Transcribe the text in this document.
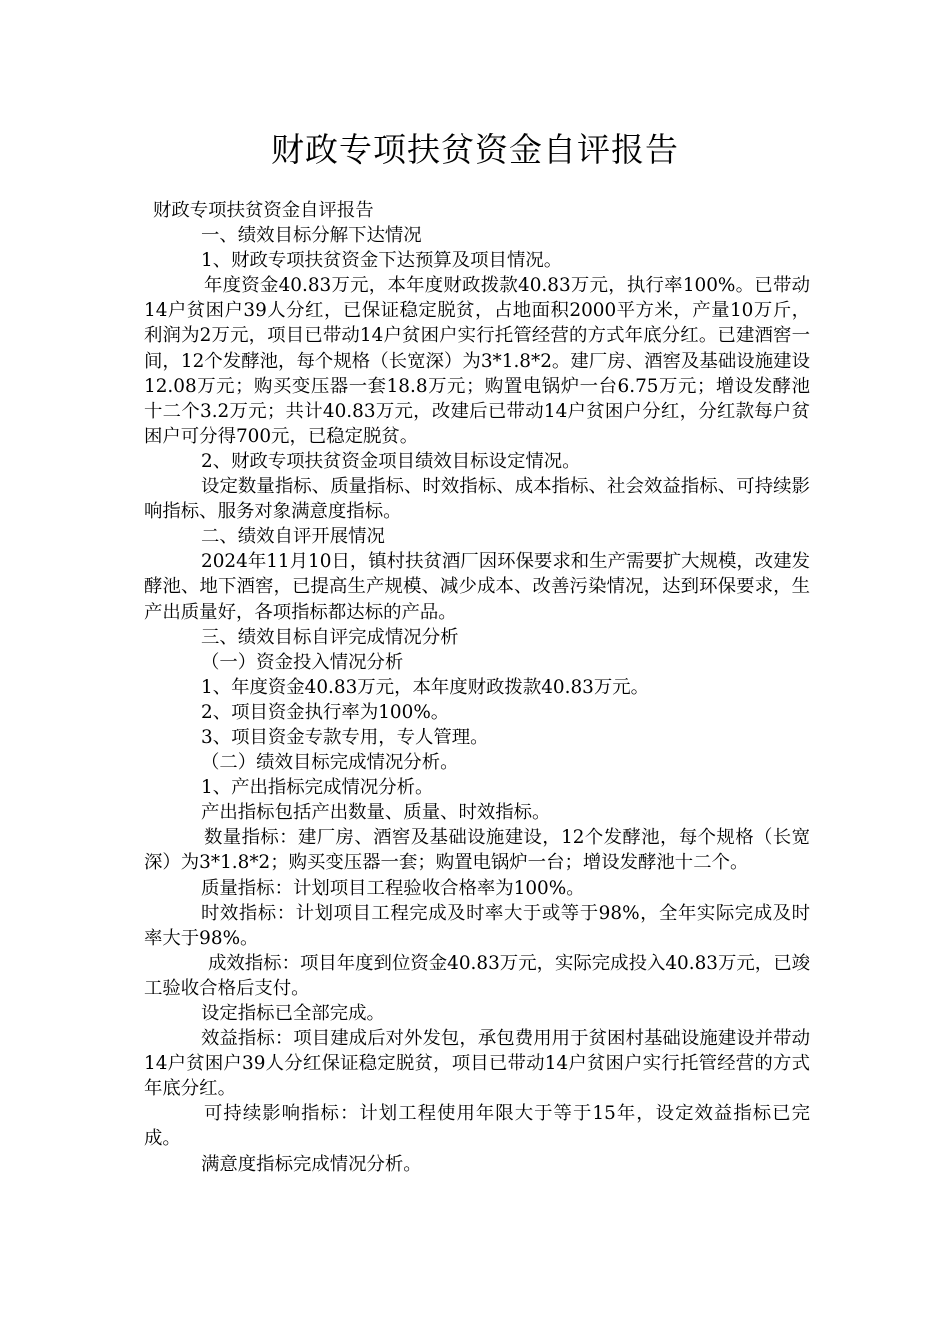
财政专项扶贫资金自评报告

财政专项扶贫资金自评报告

一、绩效目标分解下达情况

1、财政专项扶贫资金下达预算及项目情况。

年度资金40.83万元，本年度财政拨款40.83万元，执行率100%。已带动14户贫困户39人分红，已保证稳定脱贫，占地面积2000平方米，产量10万斤，利润为2万元，项目已带动14户贫困户实行托管经营的方式年底分红。已建酒窖一间，12个发酵池，每个规格（长宽深）为3*1.8*2。建厂房、酒窖及基础设施建设12.08万元；购买变压器一套18.8万元；购置电锅炉一台6.75万元；增设发酵池十二个3.2万元；共计40.83万元，改建后已带动14户贫困户分红，分红款每户贫困户可分得700元，已稳定脱贫。

2、财政专项扶贫资金项目绩效目标设定情况。

设定数量指标、质量指标、时效指标、成本指标、社会效益指标、可持续影响指标、服务对象满意度指标。

二、绩效自评开展情况

2024年11月10日，镇村扶贫酒厂因环保要求和生产需要扩大规模，改建发酵池、地下酒窖，已提高生产规模、减少成本、改善污染情况，达到环保要求，生产出质量好，各项指标都达标的产品。

三、绩效目标自评完成情况分析

（一）资金投入情况分析

1、年度资金40.83万元，本年度财政拨款40.83万元。

2、项目资金执行率为100%。

3、项目资金专款专用，专人管理。

（二）绩效目标完成情况分析。

1、产出指标完成情况分析。

产出指标包括产出数量、质量、时效指标。

数量指标：建厂房、酒窖及基础设施建设，12个发酵池，每个规格（长宽深）为3*1.8*2；购买变压器一套；购置电锅炉一台；增设发酵池十二个。

质量指标：计划项目工程验收合格率为100%。

时效指标：计划项目工程完成及时率大于或等于98%，全年实际完成及时率大于98%。

成效指标：项目年度到位资金40.83万元，实际完成投入40.83万元，已竣工验收合格后支付。

设定指标已全部完成。

效益指标：项目建成后对外发包，承包费用用于贫困村基础设施建设并带动14户贫困户39人分红保证稳定脱贫，项目已带动14户贫困户实行托管经营的方式年底分红。

可持续影响指标：计划工程使用年限大于等于15年，设定效益指标已完成。

满意度指标完成情况分析。
